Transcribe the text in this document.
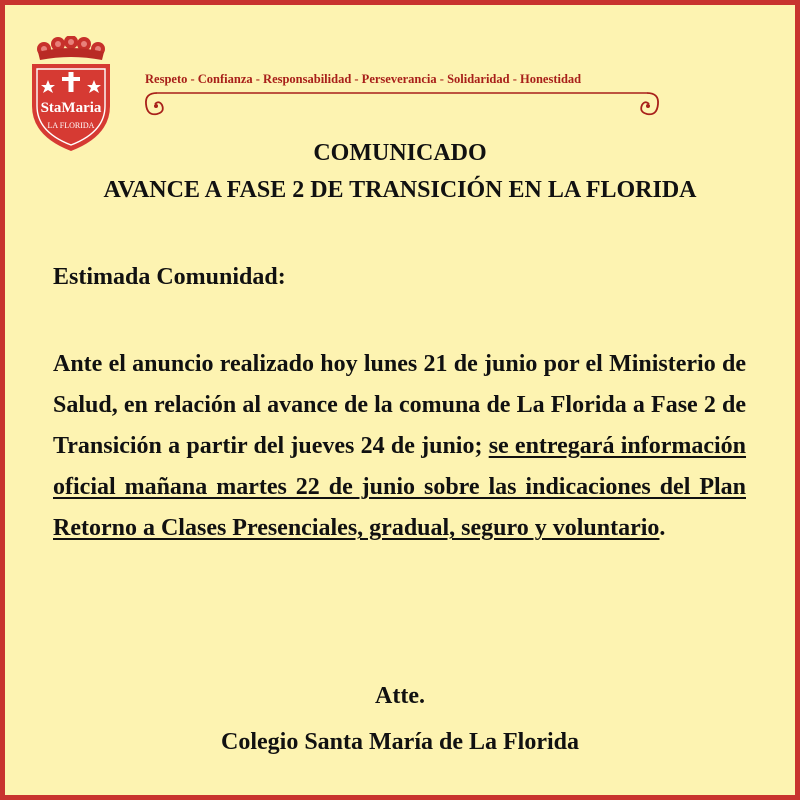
StaMaria
LA FLORIDA
Respeto - Confianza - Responsabilidad - Perseverancia - Solidaridad - Honestidad
COMUNICADO
AVANCE A FASE 2 DE TRANSICIÓN EN LA FLORIDA
Estimada Comunidad:
Ante el anuncio realizado hoy lunes 21 de junio por el Ministerio de Salud, en relación al avance de la comuna de La Florida a Fase 2 de Transición a partir del jueves 24 de junio; se entregará información oficial mañana martes 22 de junio sobre las indicaciones del Plan Retorno a Clases Presenciales, gradual, seguro y voluntario.
Atte.
Colegio Santa María de La Florida
